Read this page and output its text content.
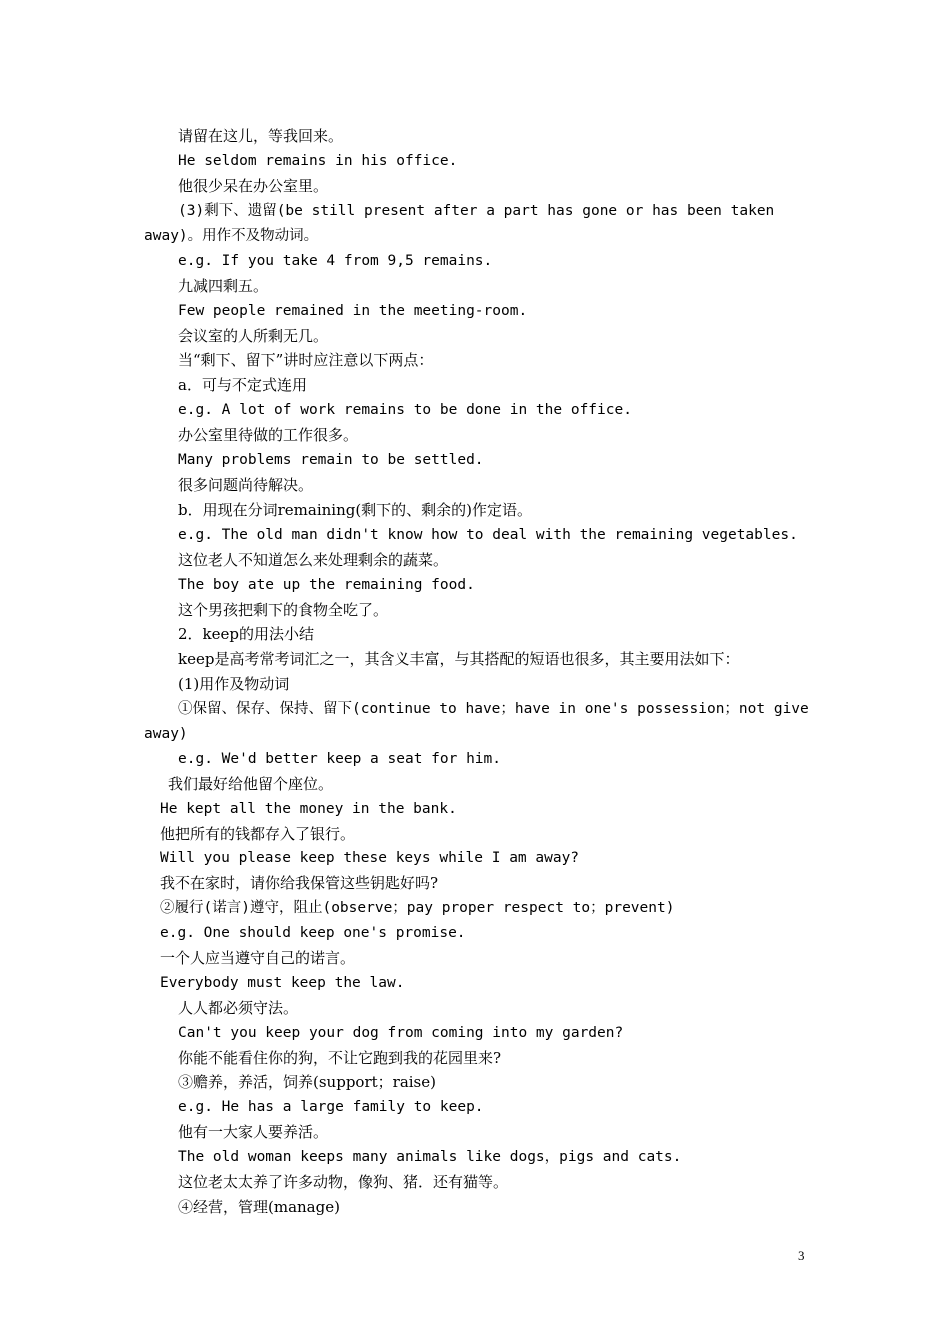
请留在这儿，等我回来。
He seldom remains in his office.
他很少呆在办公室里。
(3)剩下、遗留(be still present after a part has gone or has been taken
away)。用作不及物动词。
e.g. If you take 4 from 9,5 remains.
九减四剩五。
Few people remained in the meeting-room.
会议室的人所剩无几。
当“剩下、留下”讲时应注意以下两点：
a．可与不定式连用
e.g. A lot of work remains to be done in the office.
办公室里待做的工作很多。
Many problems remain to be settled.
很多问题尚待解决。
b．用现在分词remaining(剩下的、剩余的)作定语。
e.g. The old man didn't know how to deal with the remaining vegetables.
这位老人不知道怎么来处理剩余的蔬菜。
The boy ate up the remaining food.
这个男孩把剩下的食物全吃了。
2．keep的用法小结
keep是高考常考词汇之一，其含义丰富，与其搭配的短语也很多，其主要用法如下：
(1)用作及物动词
①保留、保存、保持、留下(continue to have；have in one's possession；not give
away)
e.g. We'd better keep a seat for him.
我们最好给他留个座位。
He kept all the money in the bank.
他把所有的钱都存入了银行。
Will you please keep these keys while I am away?
我不在家时，请你给我保管这些钥匙好吗?
②履行(诺言)遵守，阻止(observe；pay proper respect to；prevent)
e.g. One should keep one's promise.
一个人应当遵守自己的诺言。
Everybody must keep the law.
人人都必须守法。
Can't you keep your dog from coming into my garden?
你能不能看住你的狗，不让它跑到我的花园里来?
③赡养，养活，饲养(support；raise)
e.g. He has a large family to keep.
他有一大家人要养活。
The old woman keeps many animals like dogs，pigs and cats.
这位老太太养了许多动物，像狗、猪．还有猫等。
④经营，管理(manage)
3
